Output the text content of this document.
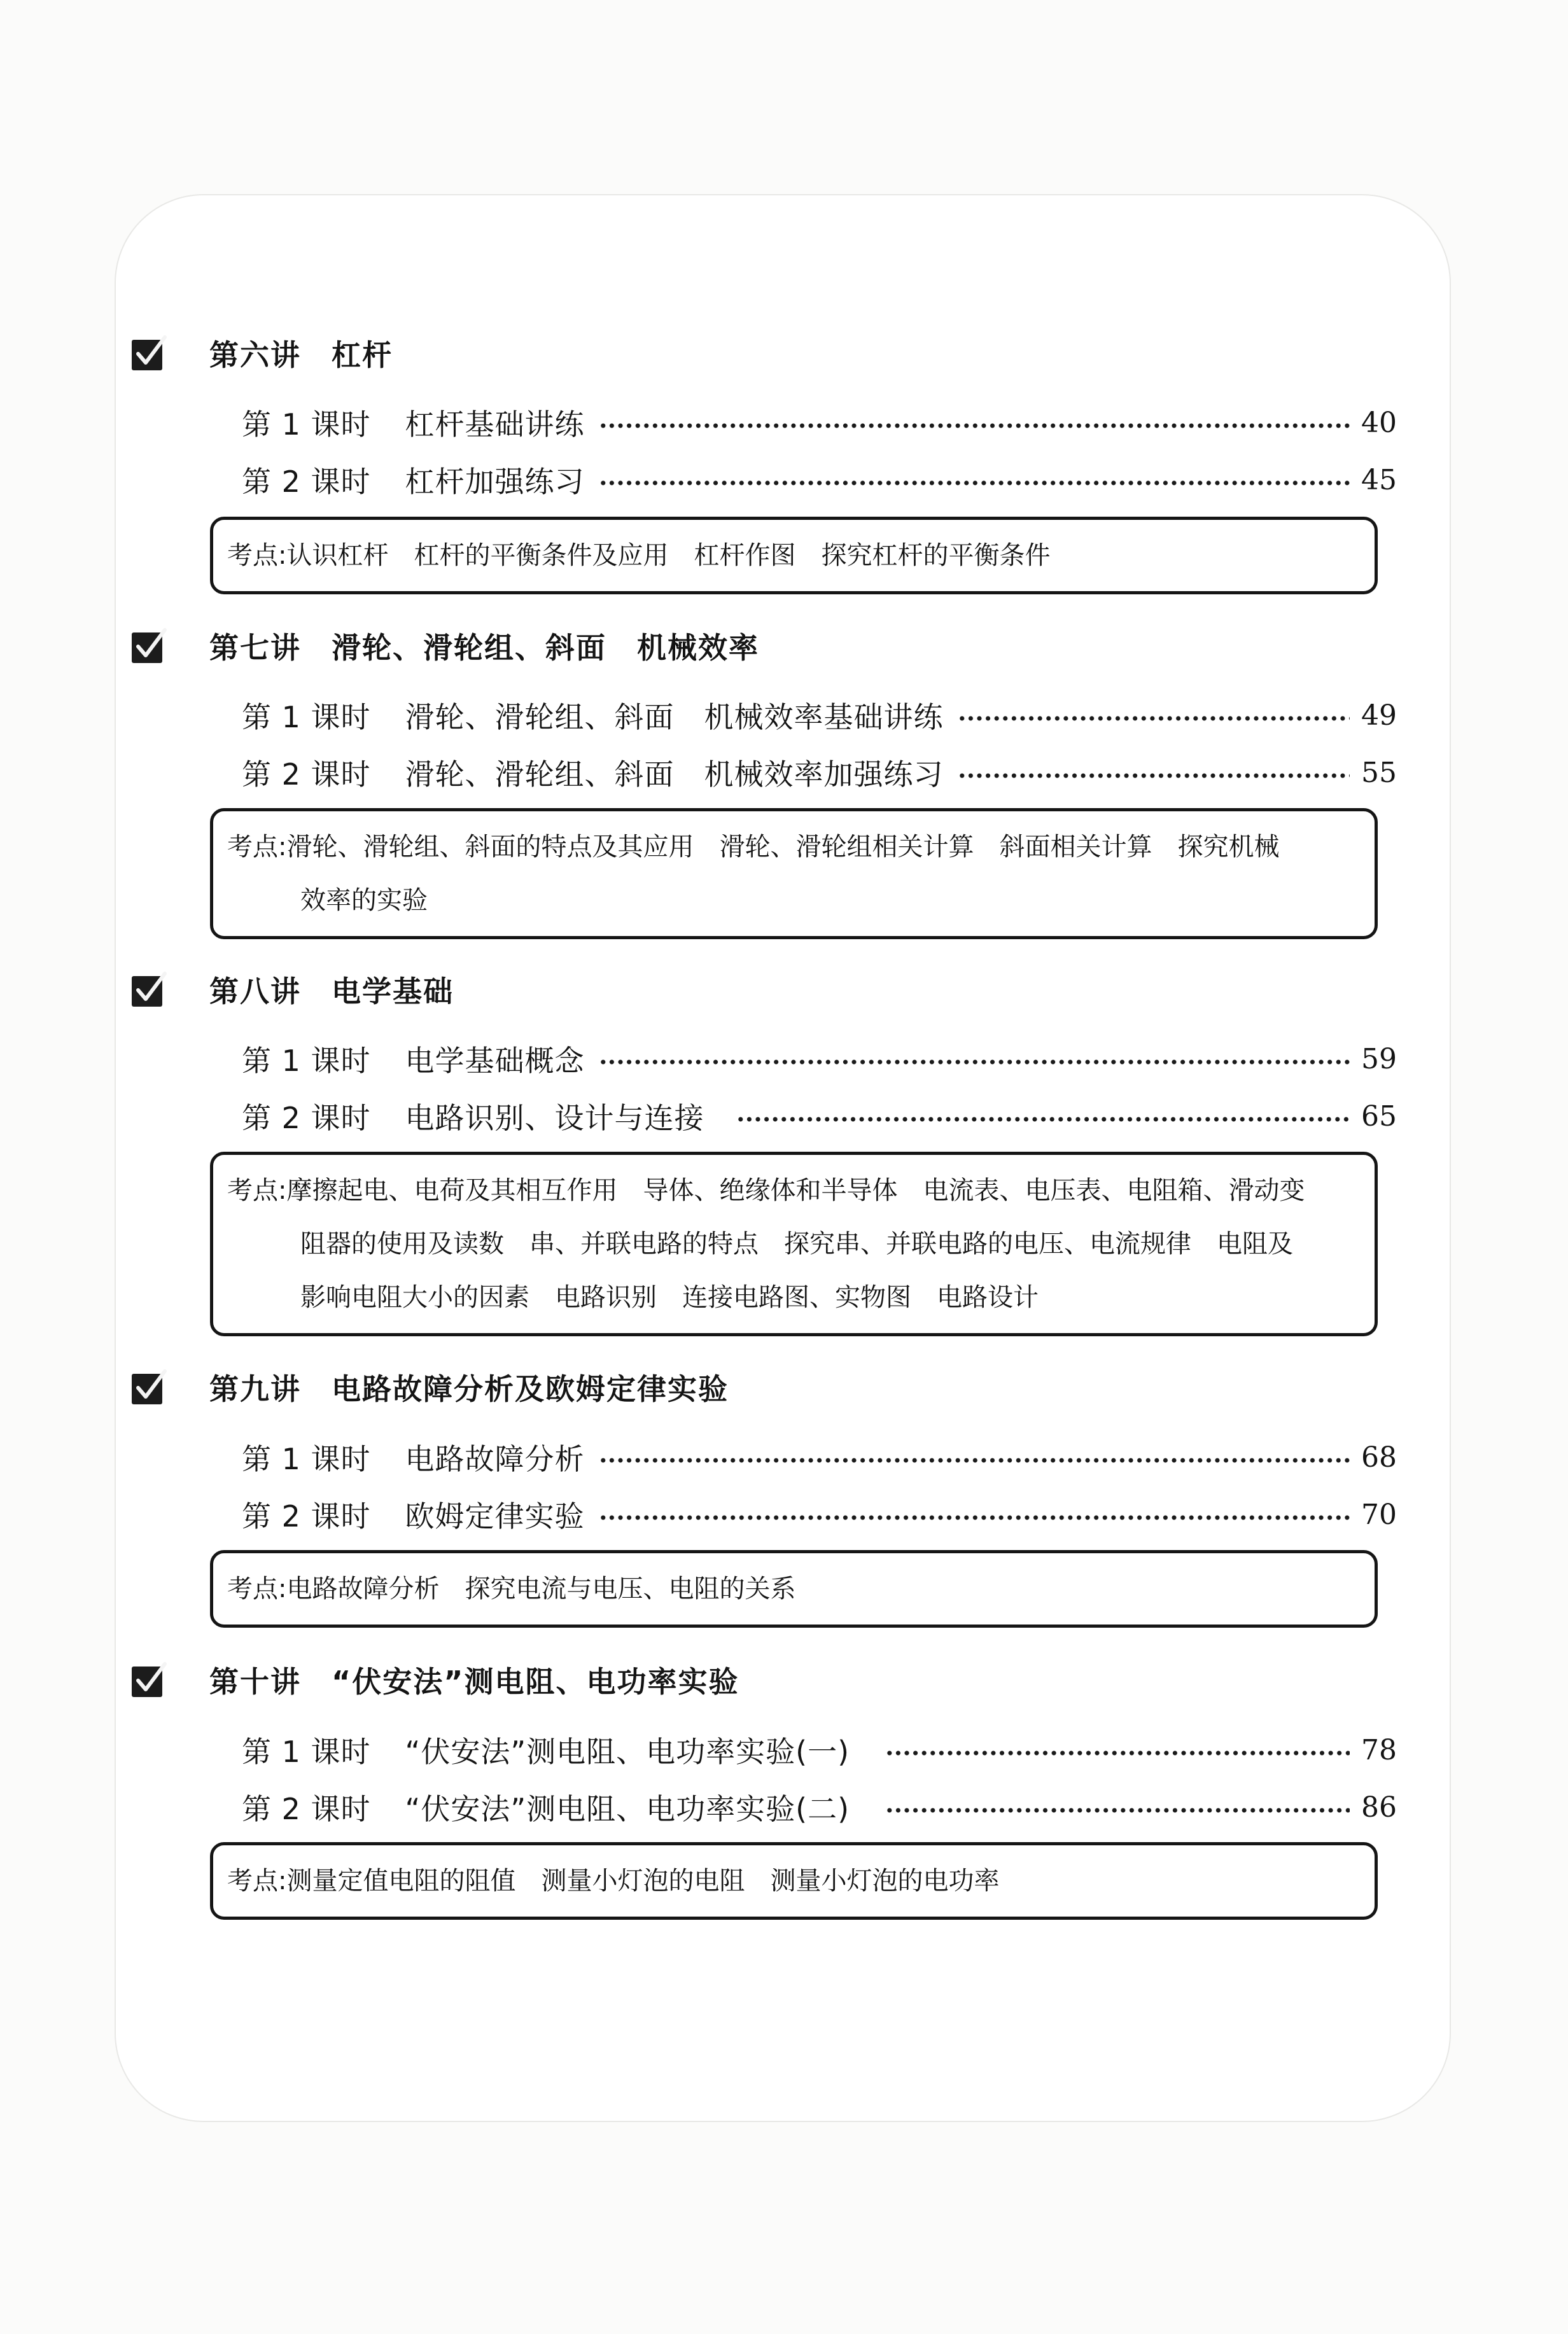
第六讲　杠杆
第 1 课时 杠杆基础讲练	40
第 2 课时 杠杆加强练习	45
考点:认识杠杆　杠杆的平衡条件及应用　杠杆作图　探究杠杆的平衡条件
第七讲　滑轮、滑轮组、斜面　机械效率
第 1 课时 滑轮、滑轮组、斜面　机械效率基础讲练	49
第 2 课时 滑轮、滑轮组、斜面　机械效率加强练习	55
考点:滑轮、滑轮组、斜面的特点及其应用　滑轮、滑轮组相关计算　斜面相关计算　探究机械
效率的实验
第八讲　电学基础
第 1 课时 电学基础概念	59
第 2 课时 电路识别、设计与连接	65
考点:摩擦起电、电荷及其相互作用　导体、绝缘体和半导体　电流表、电压表、电阻箱、滑动变
阻器的使用及读数　串、并联电路的特点　探究串、并联电路的电压、电流规律　电阻及
影响电阻大小的因素　电路识别　连接电路图、实物图　电路设计
第九讲　电路故障分析及欧姆定律实验
第 1 课时 电路故障分析	68
第 2 课时 欧姆定律实验	70
考点:电路故障分析　探究电流与电压、电阻的关系
第十讲　“伏安法”测电阻、电功率实验
第 1 课时 “伏安法”测电阻、电功率实验(一)	78
第 2 课时 “伏安法”测电阻、电功率实验(二)	86
考点:测量定值电阻的阻值　测量小灯泡的电阻　测量小灯泡的电功率
